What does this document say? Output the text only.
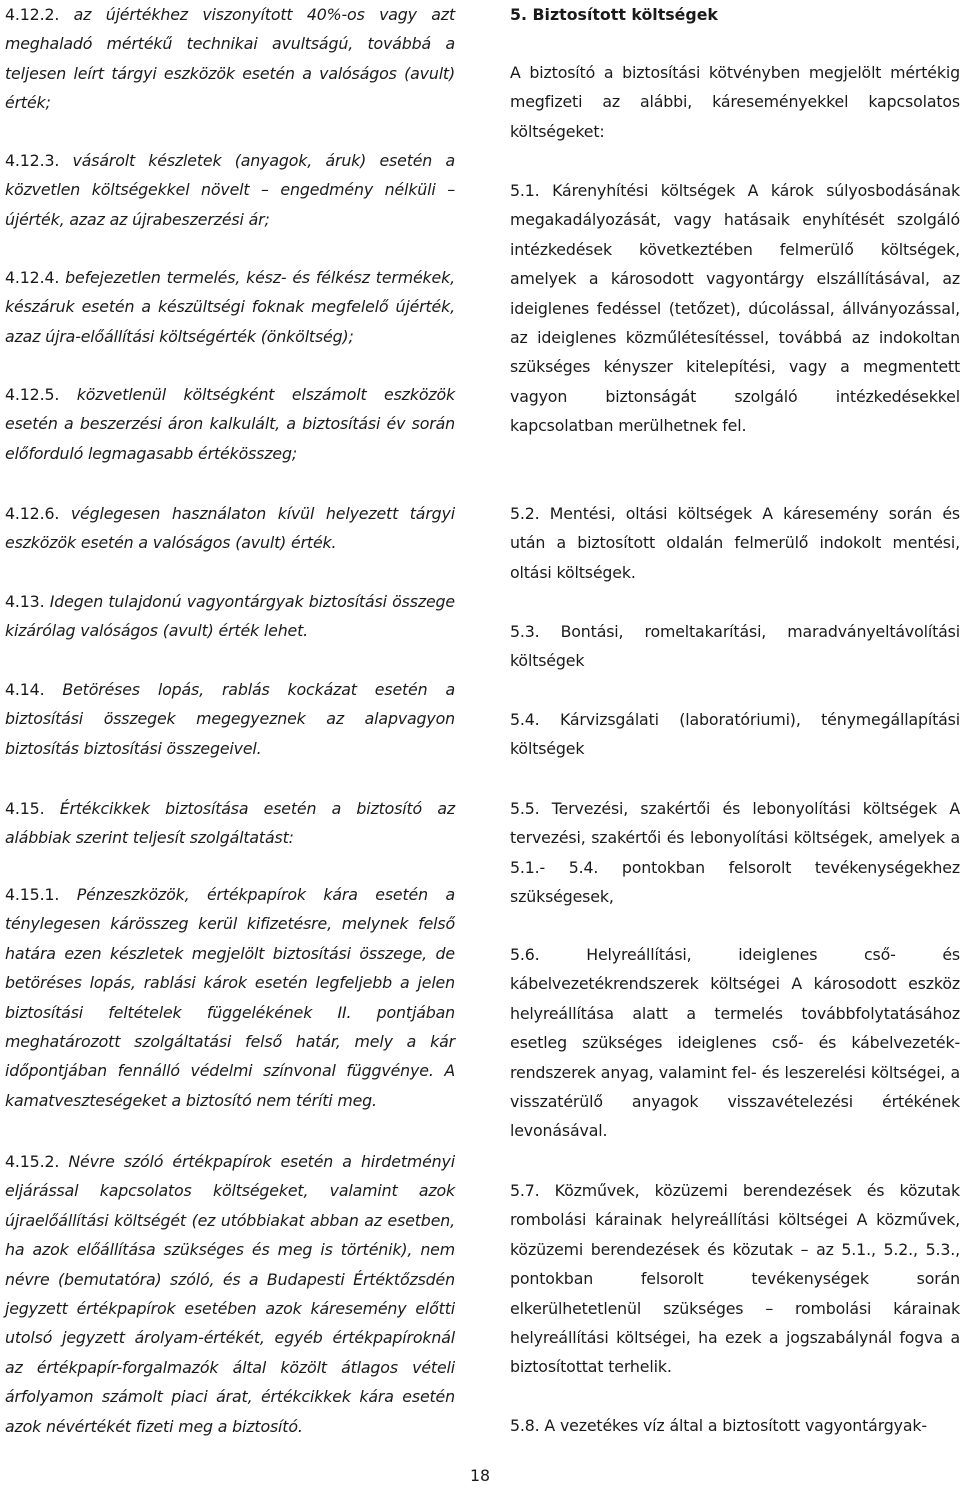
4.12.2. az újértékhez viszonyított 40%-os vagy azt meghaladó mértékű technikai avultságú, továbbá a teljesen leírt tárgyi eszközök esetén a valóságos (avult) érték;

4.12.3. vásárolt készletek (anyagok, áruk) esetén a közvetlen költségekkel növelt – engedmény nélküli – újérték, azaz az újrabeszerzési ár;

4.12.4. befejezetlen termelés, kész- és félkész termékek, készáruk esetén a készültségi foknak megfelelő újérték, azaz újra-előállítási költségérték (önköltség);

4.12.5. közvetlenül költségként elszámolt eszközök esetén a beszerzési áron kalkulált, a biztosítási év során előforduló legmagasabb értékösszeg;

4.12.6. véglegesen használaton kívül helyezett tárgyi eszközök esetén a valóságos (avult) érték.

4.13. Idegen tulajdonú vagyontárgyak biztosítási összege kizárólag valóságos (avult) érték lehet.

4.14. Betöréses lopás, rablás kockázat esetén a biztosítási összegek megegyeznek az alapvagyon biztosítás biztosítási összegeivel.

4.15. Értékcikkek biztosítása esetén a biztosító az alábbiak szerint teljesít szolgáltatást:

4.15.1. Pénzeszközök, értékpapírok kára esetén a ténylegesen kárösszeg kerül kifizetésre, melynek felső határa ezen készletek megjelölt biztosítási összege, de betöréses lopás, rablási károk esetén legfeljebb a jelen biztosítási feltételek függelékének II. pontjában meghatározott szolgáltatási felső határ, mely a kár időpontjában fennálló védelmi színvonal függvénye. A kamatveszteségeket a biztosító nem téríti meg.

4.15.2. Névre szóló értékpapírok esetén a hirdetményi eljárással kapcsolatos költségeket, valamint azok újraelőállítási költségét (ez utóbbiakat abban az esetben, ha azok előállítása szükséges és meg is történik), nem névre (bemutatóra) szóló, és a Budapesti Értéktőzsdén jegyzett értékpapírok esetében azok káresemény előtti utolsó jegyzett árolyam-értékét, egyéb értékpapíroknál az értékpapír-forgalmazók által közölt átlagos vételi árfolyamon számolt piaci árat, értékcikkek kára esetén azok névértékét fizeti meg a biztosító.

5. Biztosított költségek

A biztosító a biztosítási kötvényben megjelölt mértékig megfizeti az alábbi, káreseményekkel kapcsolatos költségeket:

5.1. Kárenyhítési költségek A károk súlyosbodásának megakadályozását, vagy hatásaik enyhítését szolgáló intézkedések következtében felmerülő költségek, amelyek a károsodott vagyontárgy elszállításával, az ideiglenes fedéssel (tetőzet), dúcolással, állványozással, az ideiglenes közműlétesítéssel, továbbá az indokoltan szükséges kényszer kitelepítési, vagy a megmentett vagyon biztonságát szolgáló intézkedésekkel kapcsolatban merülhetnek fel.

5.2. Mentési, oltási költségek A káresemény során és után a biztosított oldalán felmerülő indokolt mentési, oltási költségek.

5.3. Bontási, romeltakarítási, maradványeltávolítási költségek

5.4. Kárvizsgálati (laboratóriumi), ténymegállapítási költségek

5.5. Tervezési, szakértői és lebonyolítási költségek A tervezési, szakértői és lebonyolítási költségek, amelyek a 5.1.- 5.4. pontokban felsorolt tevékenységekhez szükségesek,

5.6. Helyreállítási, ideiglenes cső- és kábelvezetékrendszerek költségei A károsodott eszköz helyreállítása alatt a termelés továbbfolytatásához esetleg szükséges ideiglenes cső- és kábelvezeték-rendszerek anyag, valamint fel- és leszerelési költségei, a visszatérülő anyagok visszavételezési értékének levonásával.

5.7. Közművek, közüzemi berendezések és közutak rombolási kárainak helyreállítási költségei A közművek, közüzemi berendezések és közutak – az 5.1., 5.2., 5.3., pontokban felsorolt tevékenységek során elkerülhetetlenül szükséges – rombolási kárainak helyreállítási költségei, ha ezek a jogszabálynál fogva a biztosítottat terhelik.

5.8. A vezetékes víz által a biztosított vagyontárgyak-

18
